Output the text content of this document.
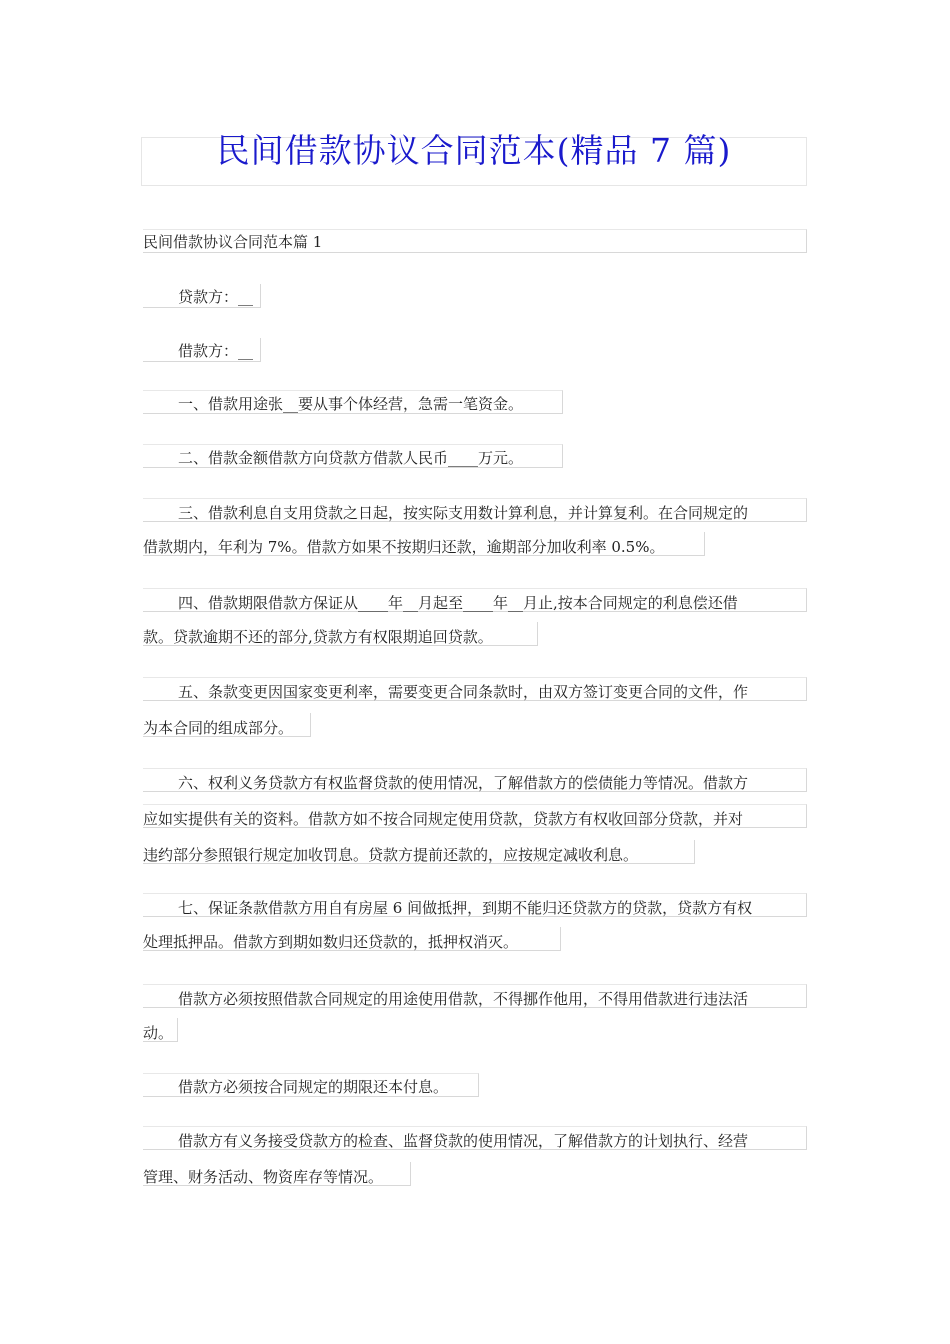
民间借款协议合同范本(精品 7 篇)
民间借款协议合同范本篇 1
贷款方：__
借款方：__
一、借款用途张__要从事个体经营，急需一笔资金。
二、借款金额借款方向贷款方借款人民币____万元。
三、借款利息自支用贷款之日起，按实际支用数计算利息，并计算复利。在合同规定的
借款期内，年利为 7%。借款方如果不按期归还款，逾期部分加收利率 0.5%。
四、借款期限借款方保证从____年__月起至____年__月止,按本合同规定的利息偿还借
款。贷款逾期不还的部分,贷款方有权限期追回贷款。
五、条款变更因国家变更利率，需要变更合同条款时，由双方签订变更合同的文件，作
为本合同的组成部分。
六、权利义务贷款方有权监督贷款的使用情况，了解借款方的偿债能力等情况。借款方
应如实提供有关的资料。借款方如不按合同规定使用贷款，贷款方有权收回部分贷款，并对
违约部分参照银行规定加收罚息。贷款方提前还款的，应按规定减收利息。
七、保证条款借款方用自有房屋 6 间做抵押，到期不能归还贷款方的贷款，贷款方有权
处理抵押品。借款方到期如数归还贷款的，抵押权消灭。
借款方必须按照借款合同规定的用途使用借款，不得挪作他用，不得用借款进行违法活
动。
借款方必须按合同规定的期限还本付息。
借款方有义务接受贷款方的检查、监督贷款的使用情况，了解借款方的计划执行、经营
管理、财务活动、物资库存等情况。
